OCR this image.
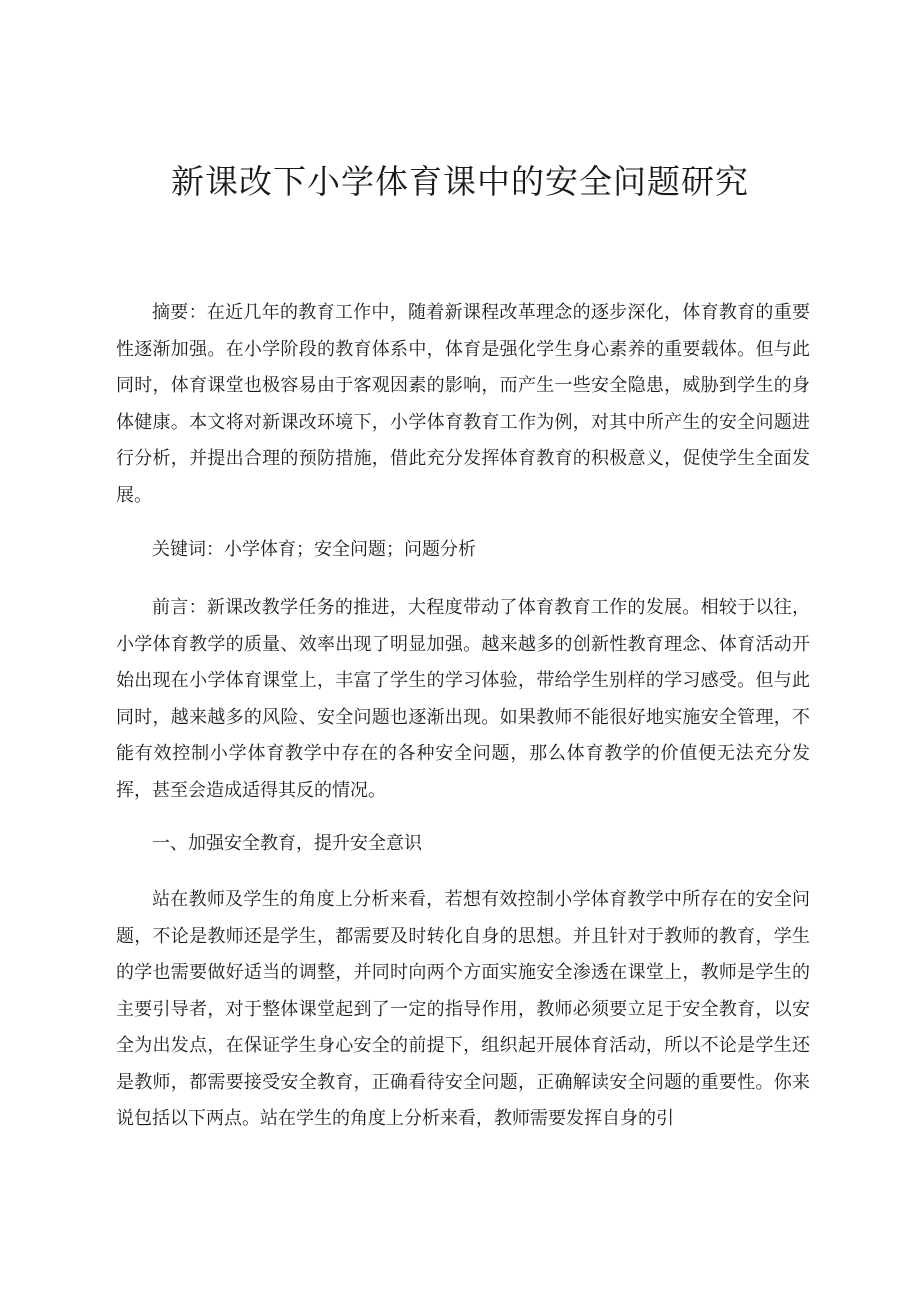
新课改下小学体育课中的安全问题研究

摘要：在近几年的教育工作中，随着新课程改革理念的逐步深化，体育教育的重要性逐渐加强。在小学阶段的教育体系中，体育是强化学生身心素养的重要载体。但与此同时，体育课堂也极容易由于客观因素的影响，而产生一些安全隐患，威胁到学生的身体健康。本文将对新课改环境下，小学体育教育工作为例，对其中所产生的安全问题进行分析，并提出合理的预防措施，借此充分发挥体育教育的积极意义，促使学生全面发展。

关键词：小学体育；安全问题；问题分析

前言：新课改教学任务的推进，大程度带动了体育教育工作的发展。相较于以往，小学体育教学的质量、效率出现了明显加强。越来越多的创新性教育理念、体育活动开始出现在小学体育课堂上，丰富了学生的学习体验，带给学生别样的学习感受。但与此同时，越来越多的风险、安全问题也逐渐出现。如果教师不能很好地实施安全管理，不能有效控制小学体育教学中存在的各种安全问题，那么体育教学的价值便无法充分发挥，甚至会造成适得其反的情况。

一、加强安全教育，提升安全意识

站在教师及学生的角度上分析来看，若想有效控制小学体育教学中所存在的安全问题，不论是教师还是学生，都需要及时转化自身的思想。并且针对于教师的教育，学生的学也需要做好适当的调整，并同时向两个方面实施安全渗透在课堂上，教师是学生的主要引导者，对于整体课堂起到了一定的指导作用，教师必须要立足于安全教育，以安全为出发点，在保证学生身心安全的前提下，组织起开展体育活动，所以不论是学生还是教师，都需要接受安全教育，正确看待安全问题，正确解读安全问题的重要性。你来说包括以下两点。站在学生的角度上分析来看，教师需要发挥自身的引
